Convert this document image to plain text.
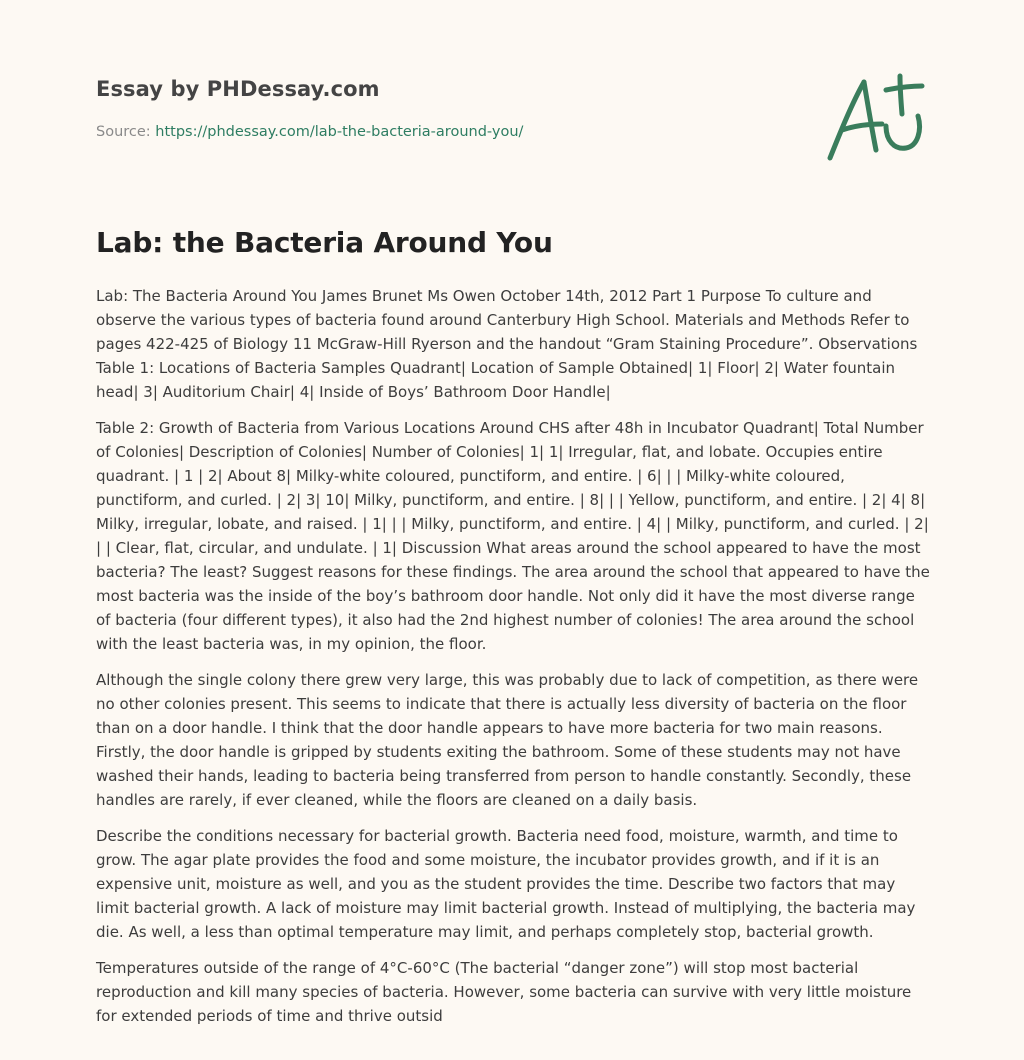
Essay by PHDessay.com
Source: https://phdessay.com/lab-the-bacteria-around-you/
Lab: the Bacteria Around You

Lab: The Bacteria Around You James Brunet Ms Owen October 14th, 2012 Part 1 Purpose To culture and observe the various types of bacteria found around Canterbury High School. Materials and Methods Refer to pages 422-425 of Biology 11 McGraw-Hill Ryerson and the handout “Gram Staining Procedure”. Observations Table 1: Locations of Bacteria Samples Quadrant| Location of Sample Obtained| 1| Floor| 2| Water fountain head| 3| Auditorium Chair| 4| Inside of Boys’ Bathroom Door Handle|

Table 2: Growth of Bacteria from Various Locations Around CHS after 48h in Incubator Quadrant| Total Number of Colonies| Description of Colonies| Number of Colonies| 1| 1| Irregular, flat, and lobate. Occupies entire quadrant. | 1 | 2| About 8| Milky-white coloured, punctiform, and entire. | 6| | | Milky-white coloured, punctiform, and curled. | 2| 3| 10| Milky, punctiform, and entire. | 8| | | Yellow, punctiform, and entire. | 2| 4| 8| Milky, irregular, lobate, and raised. | 1| | | Milky, punctiform, and entire. | 4| | Milky, punctiform, and curled. | 2| | | Clear, flat, circular, and undulate. | 1| Discussion What areas around the school appeared to have the most bacteria? The least? Suggest reasons for these findings. The area around the school that appeared to have the most bacteria was the inside of the boy’s bathroom door handle. Not only did it have the most diverse range of bacteria (four different types), it also had the 2nd highest number of colonies! The area around the school with the least bacteria was, in my opinion, the floor.

Although the single colony there grew very large, this was probably due to lack of competition, as there were no other colonies present. This seems to indicate that there is actually less diversity of bacteria on the floor than on a door handle. I think that the door handle appears to have more bacteria for two main reasons. Firstly, the door handle is gripped by students exiting the bathroom. Some of these students may not have washed their hands, leading to bacteria being transferred from person to handle constantly. Secondly, these handles are rarely, if ever cleaned, while the floors are cleaned on a daily basis.

Describe the conditions necessary for bacterial growth. Bacteria need food, moisture, warmth, and time to grow. The agar plate provides the food and some moisture, the incubator provides growth, and if it is an expensive unit, moisture as well, and you as the student provides the time. Describe two factors that may limit bacterial growth. A lack of moisture may limit bacterial growth. Instead of multiplying, the bacteria may die. As well, a less than optimal temperature may limit, and perhaps completely stop, bacterial growth.

Temperatures outside of the range of 4°C-60°C (The bacterial “danger zone”) will stop most bacterial reproduction and kill many species of bacteria. However, some bacteria can survive with very little moisture for extended periods of time and thrive outsid
